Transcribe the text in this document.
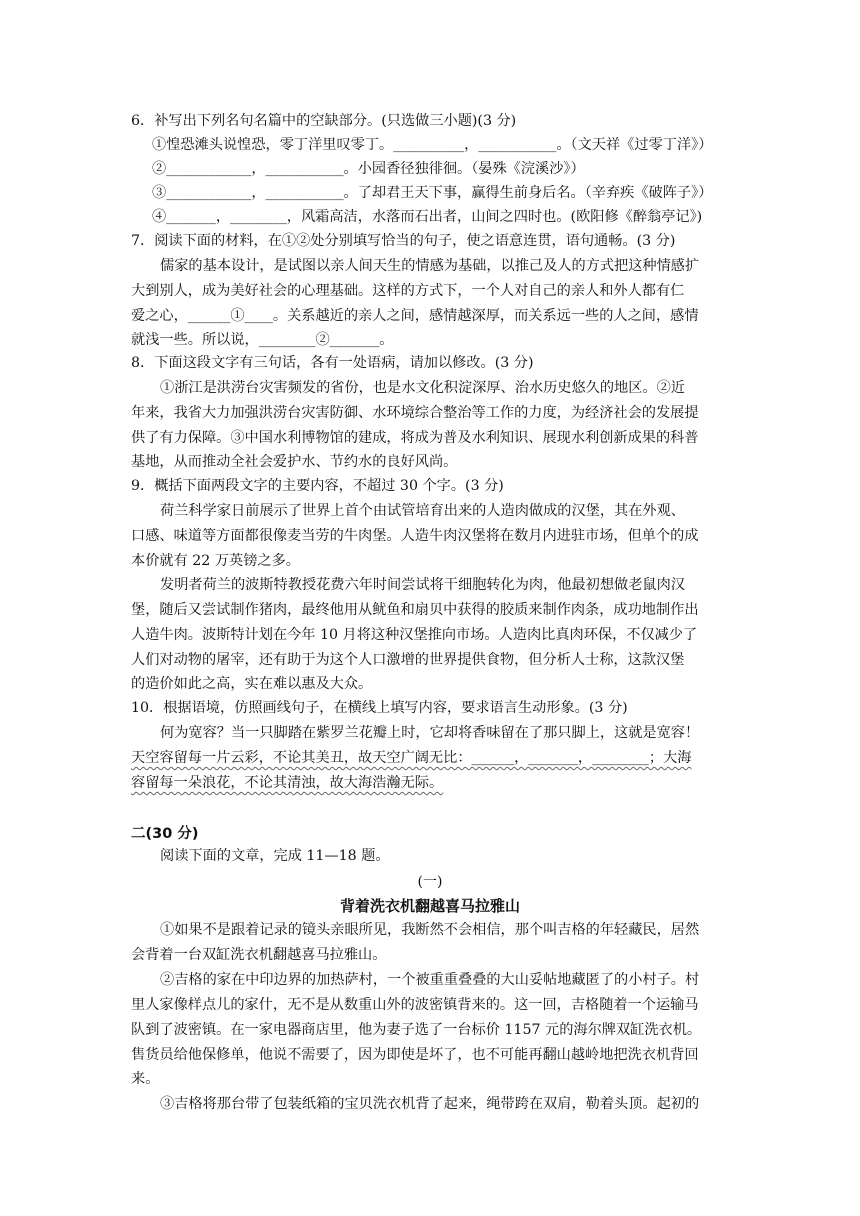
6．补写出下列名句名篇中的空缺部分。(只选做三小题)(3 分)
①惶恐滩头说惶恐，零丁洋里叹零丁。__________，___________。（文天祥《过零丁洋》）
②____________，___________。小园香径独徘徊。（晏殊《浣溪沙》）
③____________，___________。了却君王天下事，赢得生前身后名。（辛弃疾《破阵子》）
④_______，________，风霜高洁，水落而石出者，山间之四时也。(欧阳修《醉翁亭记》)
7．阅读下面的材料，在①②处分别填写恰当的句子，使之语意连贯，语句通畅。(3 分)
儒家的基本设计，是试图以亲人间天生的情感为基础，以推己及人的方式把这种情感扩
大到别人，成为美好社会的心理基础。这样的方式下，一个人对自己的亲人和外人都有仁
爱之心，______①____。关系越近的亲人之间，感情越深厚，而关系远一些的人之间，感情
就浅一些。所以说，________②_______。
8．下面这段文字有三句话，各有一处语病，请加以修改。(3 分)
①浙江是洪涝台灾害频发的省份，也是水文化积淀深厚、治水历史悠久的地区。②近
年来，我省大力加强洪涝台灾害防御、水环境综合整治等工作的力度，为经济社会的发展提
供了有力保障。③中国水利博物馆的建成，将成为普及水利知识、展现水利创新成果的科普
基地，从而推动全社会爱护水、节约水的良好风尚。
9．概括下面两段文字的主要内容，不超过 30 个字。(3 分)
荷兰科学家日前展示了世界上首个由试管培育出来的人造肉做成的汉堡，其在外观、
口感、味道等方面都很像麦当劳的牛肉堡。人造牛肉汉堡将在数月内进驻市场，但单个的成
本价就有 22 万英镑之多。
发明者荷兰的波斯特教授花费六年时间尝试将干细胞转化为肉，他最初想做老鼠肉汉
堡，随后又尝试制作猪肉，最终他用从鱿鱼和扇贝中获得的胶质来制作肉条，成功地制作出
人造牛肉。波斯特计划在今年 10 月将这种汉堡推向市场。人造肉比真肉环保，不仅减少了
人们对动物的屠宰，还有助于为这个人口激增的世界提供食物，但分析人士称，这款汉堡
的造价如此之高，实在难以惠及大众。
10．根据语境，仿照画线句子，在横线上填写内容，要求语言生动形象。(3 分)
何为宽容？当一只脚踏在紫罗兰花瓣上时，它却将香味留在了那只脚上，这就是宽容！
天空容留每一片云彩，不论其美丑，故天空广阔无比：______，_______，________；大海
容留每一朵浪花，不论其清浊，故大海浩瀚无际。
二(30 分)
阅读下面的文章，完成 11—18 题。
(一)
背着洗衣机翻越喜马拉雅山
①如果不是跟着记录的镜头亲眼所见，我断然不会相信，那个叫吉格的年轻藏民，居然
会背着一台双缸洗衣机翻越喜马拉雅山。
②吉格的家在中印边界的加热萨村，一个被重重叠叠的大山妥帖地藏匿了的小村子。村
里人家像样点儿的家什，无不是从数重山外的波密镇背来的。这一回，吉格随着一个运输马
队到了波密镇。在一家电器商店里，他为妻子选了一台标价 1157 元的海尔牌双缸洗衣机。
售货员给他保修单，他说不需要了，因为即使是坏了，也不可能再翻山越岭地把洗衣机背回
来。
③吉格将那台带了包装纸箱的宝贝洗衣机背了起来，绳带跨在双肩，勒着头顶。起初的
